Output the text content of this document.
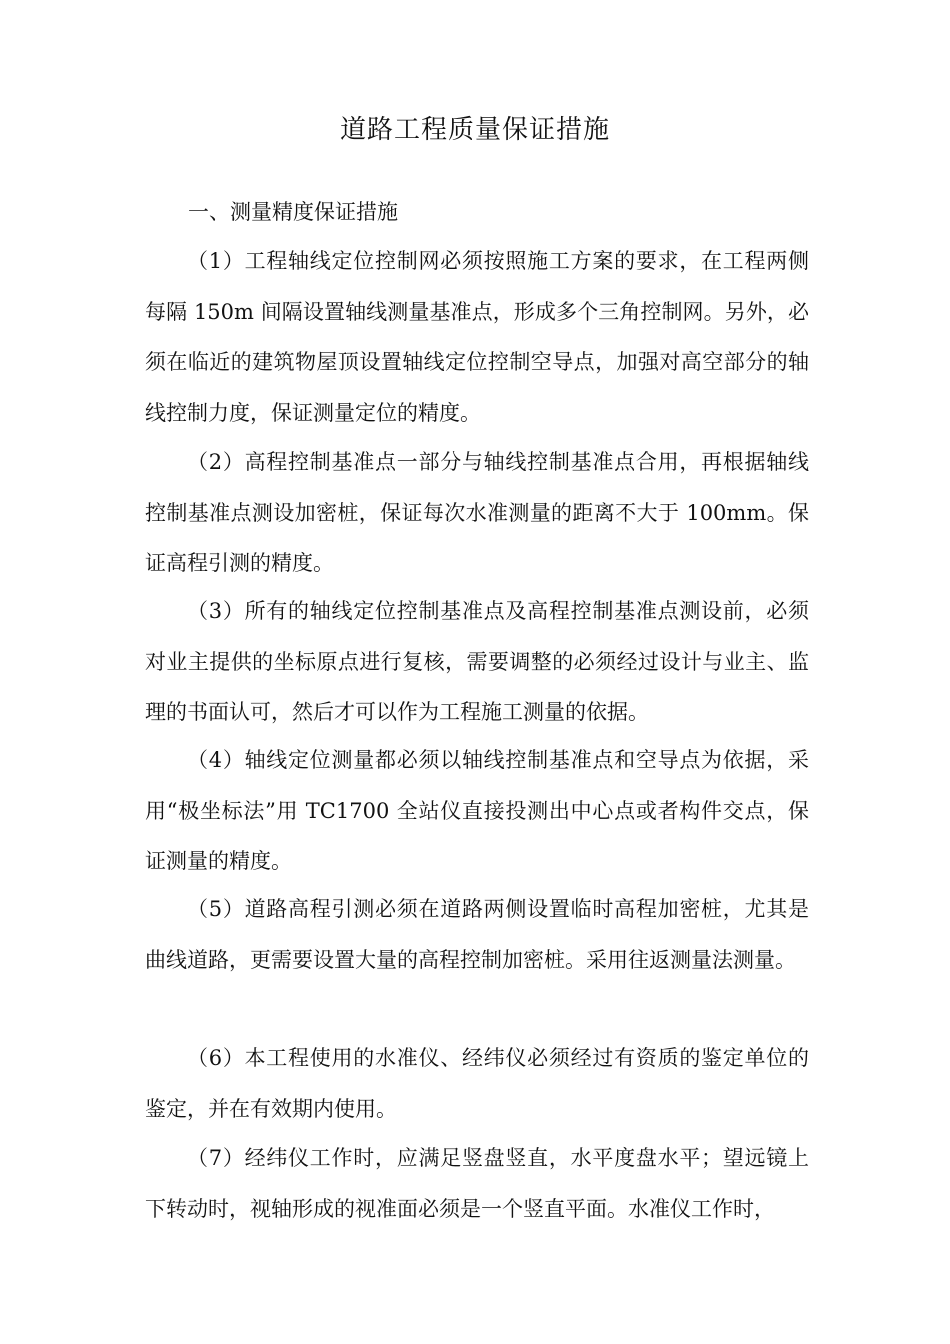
道路工程质量保证措施
一、测量精度保证措施

（1）工程轴线定位控制网必须按照施工方案的要求，在工程两侧每隔 150m 间隔设置轴线测量基准点，形成多个三角控制网。另外，必须在临近的建筑物屋顶设置轴线定位控制空导点，加强对高空部分的轴线控制力度，保证测量定位的精度。

（2）高程控制基准点一部分与轴线控制基准点合用，再根据轴线控制基准点测设加密桩，保证每次水准测量的距离不大于 100mm。保证高程引测的精度。

（3）所有的轴线定位控制基准点及高程控制基准点测设前，必须对业主提供的坐标原点进行复核，需要调整的必须经过设计与业主、监理的书面认可，然后才可以作为工程施工测量的依据。

（4）轴线定位测量都必须以轴线控制基准点和空导点为依据，采用“极坐标法”用 TC1700 全站仪直接投测出中心点或者构件交点，保证测量的精度。

（5）道路高程引测必须在道路两侧设置临时高程加密桩，尤其是曲线道路，更需要设置大量的高程控制加密桩。采用往返测量法测量。

（6）本工程使用的水准仪、经纬仪必须经过有资质的鉴定单位的鉴定，并在有效期内使用。

（7）经纬仪工作时，应满足竖盘竖直，水平度盘水平；望远镜上下转动时，视轴形成的视准面必须是一个竖直平面。水准仪工作时，
